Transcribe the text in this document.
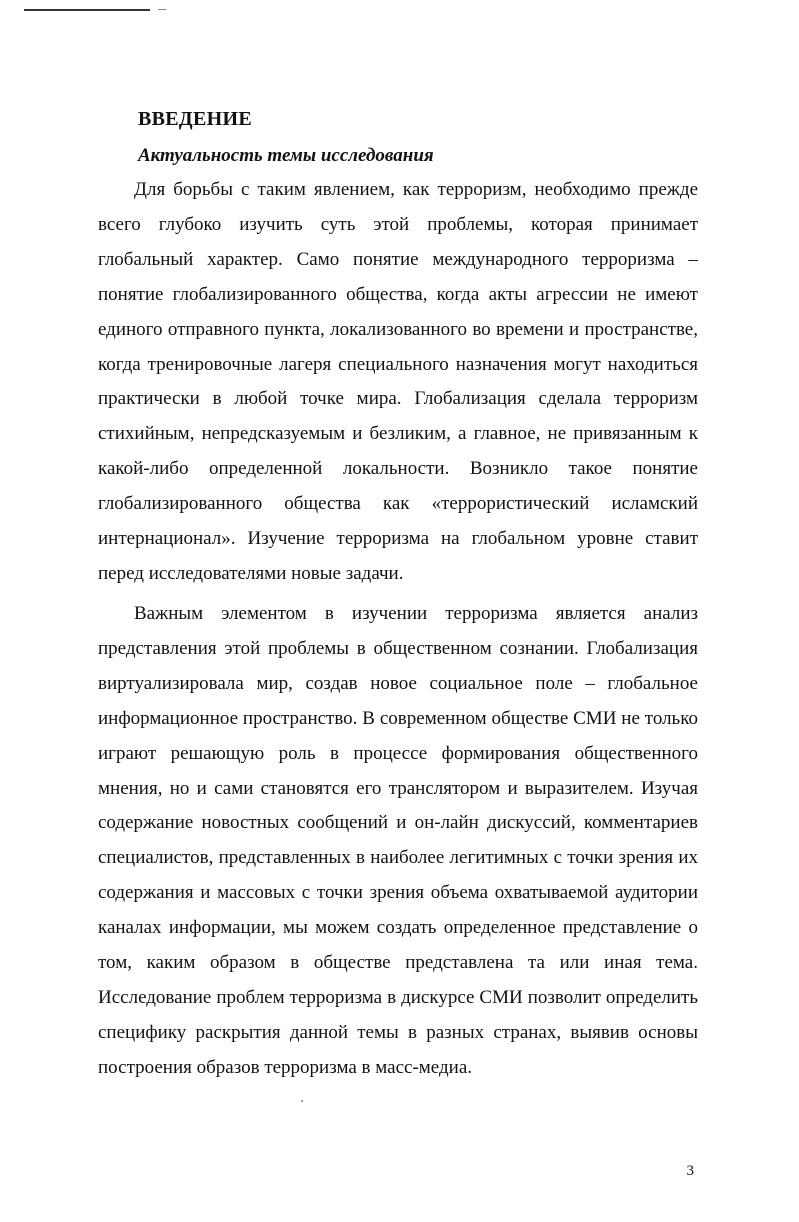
ВВЕДЕНИЕ
Актуальность темы исследования

Для борьбы с таким явлением, как терроризм, необходимо прежде всего глубоко изучить суть этой проблемы, которая принимает глобальный характер. Само понятие международного терроризма – понятие глобализированного общества, когда акты агрессии не имеют единого отправного пункта, локализованного во времени и пространстве, когда тренировочные лагеря специального назначения могут находиться практически в любой точке мира. Глобализация сделала терроризм стихийным, непредсказуемым и безликим, а главное, не привязанным к какой-либо определенной локальности. Возникло такое понятие глобализированного общества как «террористический исламский интернационал». Изучение терроризма на глобальном уровне ставит перед исследователями новые задачи.

Важным элементом в изучении терроризма является анализ представления этой проблемы в общественном сознании. Глобализация виртуализировала мир, создав новое социальное поле – глобальное информационное пространство. В современном обществе СМИ не только играют решающую роль в процессе формирования общественного мнения, но и сами становятся его транслятором и выразителем. Изучая содержание новостных сообщений и он-лайн дискуссий, комментариев специалистов, представленных в наиболее легитимных с точки зрения их содержания и массовых с точки зрения объема охватываемой аудитории каналах информации, мы можем создать определенное представление о том, каким образом в обществе представлена та или иная тема. Исследование проблем терроризма в дискурсе СМИ позволит определить специфику раскрытия данной темы в разных странах, выявив основы построения образов терроризма в масс-медиа.

3
